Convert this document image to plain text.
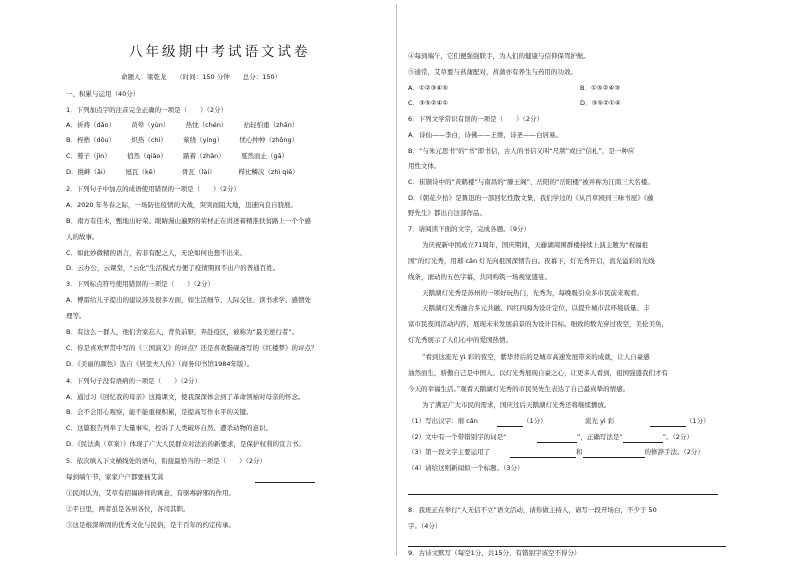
八年级期中考试语文试卷
命题人：梁乾龙　　（时间：150 分钟　　总分：150）
一、积累与运用（40分）
1．下列加点字的注音完全正确的一项是（　　）（2分）
A．祈祷（dǎo）　　　黄晕（yùn）　　　热忱（chén）　　　拈轻怕重（zhān）
B．桎梏（dǒu）　　　炽热（chì）　　　萦绕（yíng）　　　忧心忡忡（zhōng）
C．蓦子（jìn）　　　俏然（qiǎo）　　　踮着（zhǎn）　　　戛然而止（gā）
D．挑衅（ǎi）　　　屋瓦（kē）　　　　骨瓦（lài）　　　　栉比鳞次（zhì qiě）
2．下列句子中加点的成语使用错误的一项是（　　）（2分）
A．2020 年冬春之际，一场防住疫情的大战，突突而阻大地，迅速向良自骁展。
B．南方有佳木，甄地出好荣。眼睛漫山遍野的荣材正在讲述着精准扶贫路上一个个感
人的故事。
C．如此妙微精的语言，若非有配之人，无论如何也想不出来。
D．云办公，云课堂，“云化”生活模式方便了疫情期间不出户的普通百姓。
3．下列标点符号使用错误的一项是（　　）（2分）
A．傅雷给儿子提出的建议涉及很多方面，如生活细节、人际交往、读书求学、感情处
理等。
B．有这么一群人，他们舍家忘人，背负前驱，奔赴疫区，被称为“最美逆行者”。
C．你是喜欢罗贯中写的《三国演义》的评点？还是喜欢脂砚斋写的《红楼梦》的评点？
D．《美丽的颜色》选自《居里夫人传》（商务印书馆1984年版）。
4．下列句子没有语病的一项是（　　）（2分）
A．通过习《回忆我的母亲》这篇课文，使我深深体会到了革命领袖对母亲的怀念。
B．会不会用心观察，能不能重视积累，是提高写作水平的关键。
C．这篇报告列举了大量事实，控诉了人类破坏自然、遭杀动物的意识。
D．《民法典（草案）》体现了广大人民群众对法治的新要求，是保护权利的宣言书。
5．依次填入下文横线处的语句，衔接最恰当的一项是（　　）（2分）
每到端午节，家家户户都要插艾蒿
①民间认为，艾草有招福辟祥的寓意，有驱毒辟邪的作用。
②平日里，两者虽是各居各位，各司其职。
③这是根深蒂固的优秀文化与民俗，是千百年的约定传承。
④每到端午，它们便强强联手，为人们的健康与信仰保驾护航。
⑤通常，艾草要与菖蒲配对，菖蒲亦有养生与药用的功效。
A．①②③④⑤	B．①⑤②④③
C．③⑤②④①	D．③⑤②①④
6．下列文学常识有误的一项是（　　）（2分）
A．诗仙——李白，诗佛——王维，诗圣——白居易。
B．“与朱元思书”的“书”即书信，古人的书信又叫“尺牍”或曰“信札”，是一种应
用性文体。
C．崔颢诗中的“黄鹤楼”与南昌的“滕王阁”、岳阳的“岳阳楼”被并称为江南三大名楼。
D．《朝花夕拾》是鲁迅的一部回忆性散文集，我们学过的《从百草园到三味书屋》《藤
野先生》都出自这部作品。
7．请阅读下面的文字，完成各题。（9分）
为庆祝新中国成立71周年，国庆期间，天藤湖周围群楼持续上演主题为“祝福祖
国”的灯光秀，用璀 cǎn 灯光向祖国深情告白。夜幕下，灯光秀开启，流光溢彩的光线
线条，滚动的五色字幕，共同构筑一场视觉盛宴。
天鹅湖灯光秀是苏州的一项好玩热门，光秀为，每晚吸引众多市民前来观看。
天鹅湖灯光秀融合多元共融、四红四海为设计定位，以提升城市营环境质量、丰
富市民夜间活动内容，展现未来发展前景的为设计目标。细致的数光穿过夜空，美伦美奂，
灯光秀展示了人们心中的爱国热情。
“看到这流光 yì 彩的夜空，紫华背后的是城市高速发展带来的成就，让人自豪感
油然而生，骄傲自己是中国人。以灯光秀展现自豪之心，让更多人看到，祖国强盛我们才有
今天的幸福生活。”观看天鹅湖灯光秀的市民吴先生表达了自己最真挚的情感。
为了满足广大市民的需求，国庆过后天鹅湖灯光秀还将继续播放。
（1）写出汉字：璀 cǎn	流光 yì 彩
（2）文中有一个带错别字的词是“
（3）第一段文字主要运用了
（4）请给这则新闻拟一个标题。（3分）
8．我班正在举行“人无信不立”语文活动，请你做主持人，请写一段开场白，不少于 50
字。（4分）
9．古诗文默写（每空1分，共15分，有错别字该空不得分）
（1分）	（1分）
”，正确写法是“	”。（2分）
和	的修辞手法。（2分）
